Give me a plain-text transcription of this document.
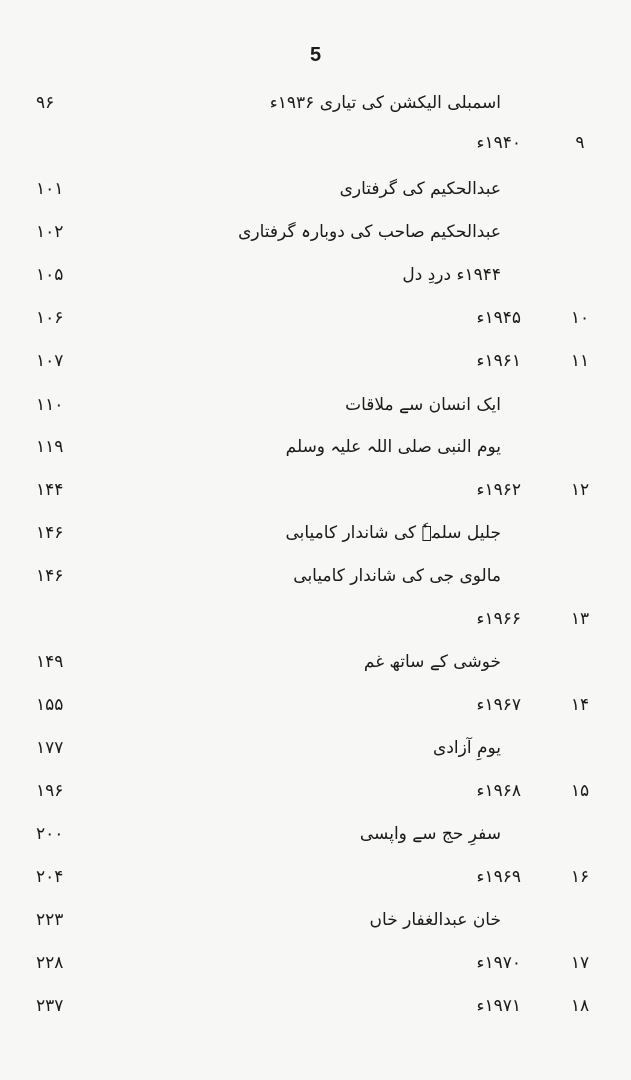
5
اسمبلی الیکشن کی تیاری ۱۹۳۶ء
۹۶
۹
۱۹۴۰ء
عبدالحکیم کی گرفتاری
۱۰۱
عبدالحکیم صاحب کی دوبارہ گرفتاری
۱۰۲
۱۹۴۴ء دردِ دل
۱۰۵
۱۰
۱۹۴۵ء
۱۰۶
۱۱
۱۹۶۱ء
۱۰۷
ایک انسان سے ملاقات
۱۱۰
یوم النبی صلی اللہ علیہ وسلم
۱۱۹
۱۲
۱۹۶۲ء
۱۴۴
جلیل سلمہٗ کی شاندار کامیابی
۱۴۶
مالوی جی کی شاندار کامیابی
۱۴۶
۱۳
۱۹۶۶ء
خوشی کے ساتھ غم
۱۴۹
۱۴
۱۹۶۷ء
۱۵۵
یومِ آزادی
۱۷۷
۱۵
۱۹۶۸ء
۱۹۶
سفرِ حج سے واپسی
۲۰۰
۱۶
۱۹۶۹ء
۲۰۴
خان عبدالغفار خاں
۲۲۳
۱۷
۱۹۷۰ء
۲۲۸
۱۸
۱۹۷۱ء
۲۳۷
